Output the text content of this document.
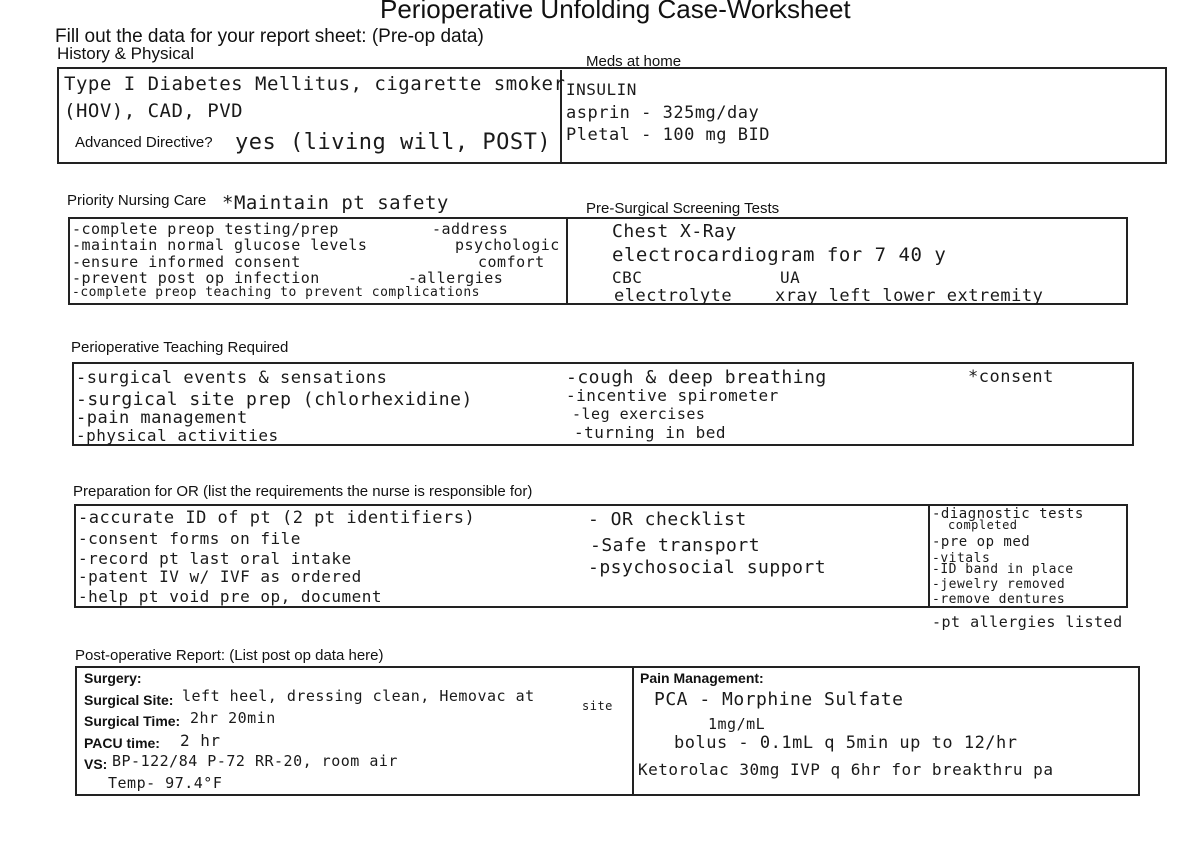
Perioperative Unfolding Case-Worksheet
Fill out the data for your report sheet: (Pre-op data)
History & Physical	Meds at home
Type I Diabetes Mellitus, cigarette smoker
(HOV), CAD, PVD
Advanced Directive? yes (living will, POST)
INSULIN
asprin - 325mg/day
Pletal - 100 mg BID
Priority Nursing Care *Maintain pt safety	Pre-Surgical Screening Tests
-complete preop testing/prep
-maintain normal glucose levels
-ensure informed consent
-prevent post op infection
-complete preop teaching to prevent complications
-address
psychologic
comfort
-allergies
Chest X-Ray
electrocardiogram for 7 40 y
CBC	UA
electrolyte	xray left lower extremity
Perioperative Teaching Required
-surgical events & sensations
-surgical site prep (chlorhexidine)
-pain management
-physical activities
-cough & deep breathing
-incentive spirometer
-leg exercises
-turning in bed
*consent
Preparation for OR (list the requirements the nurse is responsible for)
-accurate ID of pt (2 pt identifiers)
-consent forms on file
-record pt last oral intake
-patent IV w/ IVF as ordered
-help pt void pre op, document
- OR checklist
-Safe transport
-psychosocial support
-diagnostic tests
completed
-pre op med
-vitals
-ID band in place
-jewelry removed
-remove dentures
-pt allergies listed
Post-operative Report: (List post op data here)
Surgery:
Surgical Site: left heel, dressing clean, Hemovac at
site
Surgical Time: 2hr 20min
PACU time: 2 hr
VS: BP-122/84 P-72 RR-20, room air
Temp- 97.4°F
Pain Management:
PCA - Morphine Sulfate
1mg/mL
bolus - 0.1mL q 5min up to 12/hr
Ketorolac 30mg IVP q 6hr for breakthru pa
